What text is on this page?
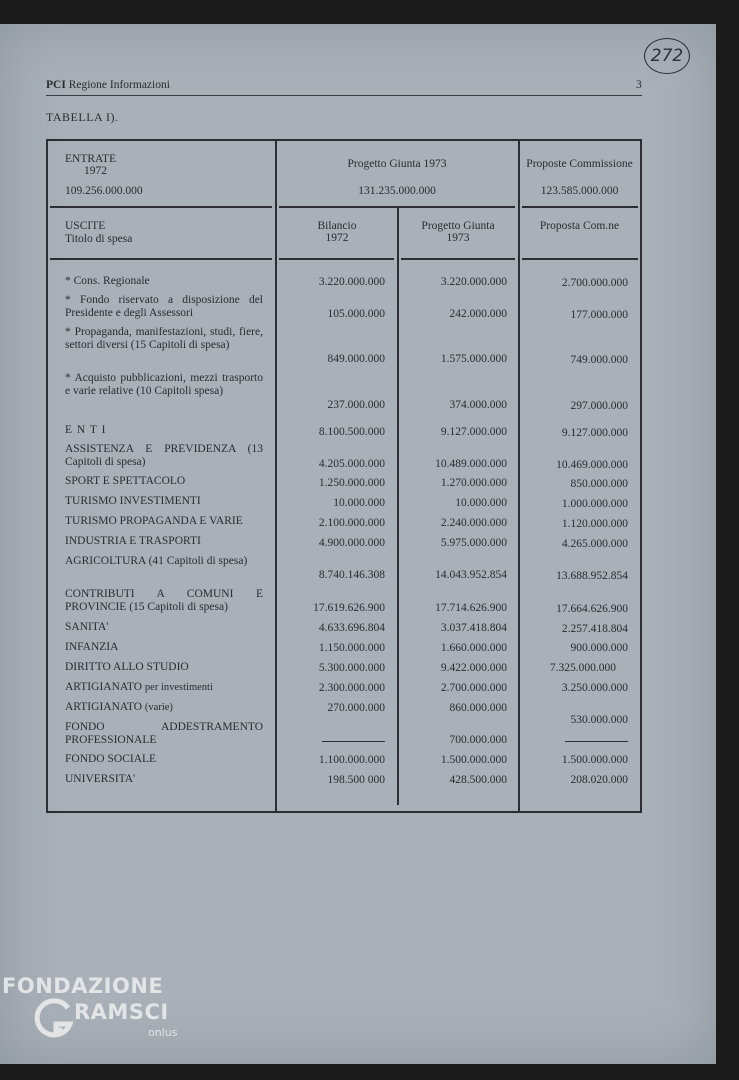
272
PCI Regione Informazioni	3
TABELLA I).
ENTRATE
1972
109.256.000.000
Progetto Giunta 1973
131.235.000.000
Proposte Commissione
123.585.000.000
USCITE
Titolo di spesa
Bilancio
1972
Progetto Giunta
1973
Proposta Com.ne
* Cons. Regionale
* Fondo riservato a disposizione del Presidente e degli Assessori
* Propaganda, manifestazioni, studi, fiere, settori diversi (15 Capitoli di spesa)
* Acquisto pubblicazioni, mezzi trasporto e varie relative (10 Capitoli spesa)
E N T I
ASSISTENZA E PREVIDENZA (13 Capitoli di spesa)
SPORT E SPETTACOLO
TURISMO INVESTIMENTI
TURISMO PROPAGANDA E VARIE
INDUSTRIA E TRASPORTI
AGRICOLTURA (41 Capitoli di spesa)
CONTRIBUTI A COMUNI E PROVINCIE (15 Capitoli di spesa)
SANITA'
INFANZIA
DIRITTO ALLO STUDIO
ARTIGIANATO per investimenti
ARTIGIANATO (varie)
FONDO ADDESTRAMENTO PROFESSIONALE
FONDO SOCIALE
UNIVERSITA'
3.220.000.000
105.000.000
849.000.000
237.000.000
8.100.500.000
4.205.000.000
1.250.000.000
10.000.000
2.100.000.000
4.900.000.000
8.740.146.308
17.619.626.900
4.633.696.804
1.150.000.000
5.300.000.000
2.300.000.000
270.000.000
1.100.000.000
198.500 000
3.220.000.000
242.000.000
1.575.000.000
374.000.000
9.127.000.000
10.489.000.000
1.270.000.000
10.000.000
2.240.000.000
5.975.000.000
14.043.952.854
17.714.626.900
3.037.418.804
1.660.000.000
9.422.000.000
2.700.000.000
860.000.000
700.000.000
1.500.000.000
428.500.000
2.700.000.000
177.000.000
749.000.000
297.000.000
9.127.000.000
10.469.000.000
850.000.000
1.000.000.000
1.120.000.000
4.265.000.000
13.688.952.854
17.664.626.900
2.257.418.804
900.000.000
7.325.000.000
3.250.000.000
530.000.000
1.500.000.000
208.020.000
FONDAZIONE
RAMSCI
onlus
